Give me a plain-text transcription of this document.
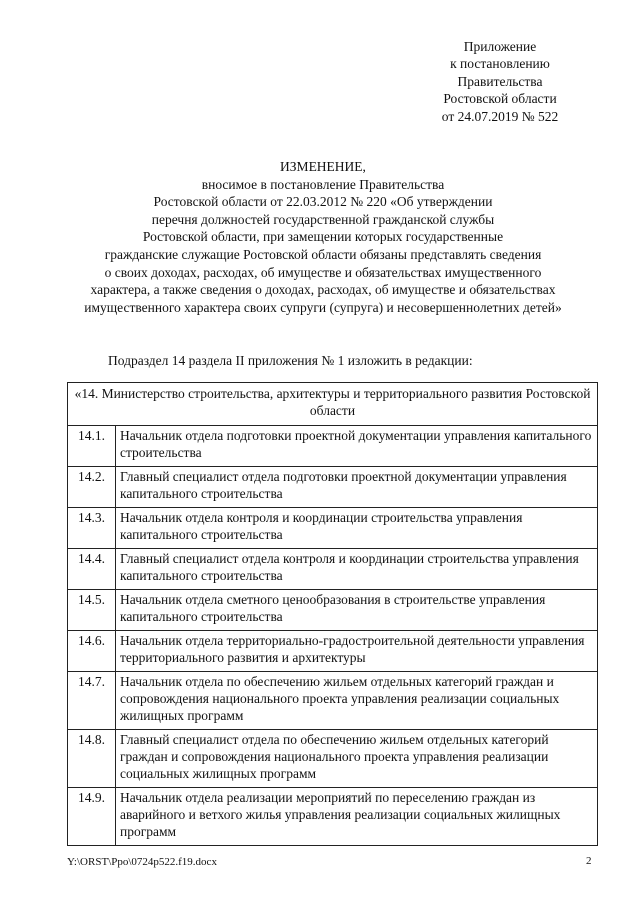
Приложение
к постановлению
Правительства
Ростовской области
от 24.07.2019 № 522
ИЗМЕНЕНИЕ,
вносимое в постановление Правительства
Ростовской области от 22.03.2012 № 220 «Об утверждении
перечня должностей государственной гражданской службы
Ростовской области, при замещении которых государственные
гражданские служащие Ростовской области обязаны представлять сведения
о своих доходах, расходах, об имуществе и обязательствах имущественного
характера, а также сведения о доходах, расходах, об имуществе и обязательствах
имущественного характера своих супруги (супруга) и несовершеннолетних детей»
Подраздел 14 раздела II приложения № 1 изложить в редакции:
«14. Министерство строительства, архитектуры и территориального развития Ростовской области	
14.1.	Начальник отдела подготовки проектной документации управления капитального строительства
14.2.	Главный специалист отдела подготовки проектной документации управления капитального строительства
14.3.	Начальник отдела контроля и координации строительства управления капитального строительства
14.4.	Главный специалист отдела контроля и координации строительства управления капитального строительства
14.5.	Начальник отдела сметного ценообразования в строительстве управления капитального строительства
14.6.	Начальник отдела территориально-градостроительной деятельности управления территориального развития и архитектуры
14.7.	Начальник отдела по обеспечению жильем отдельных категорий граждан и сопровождения национального проекта управления реализации социальных жилищных программ
14.8.	Главный специалист отдела по обеспечению жильем отдельных категорий граждан и сопровождения национального проекта управления реализации социальных жилищных программ
14.9.	Начальник отдела реализации мероприятий по переселению граждан из аварийного и ветхого жилья управления реализации социальных жилищных программ
Y:\ORST\Ppo\0724p522.f19.docx	2
